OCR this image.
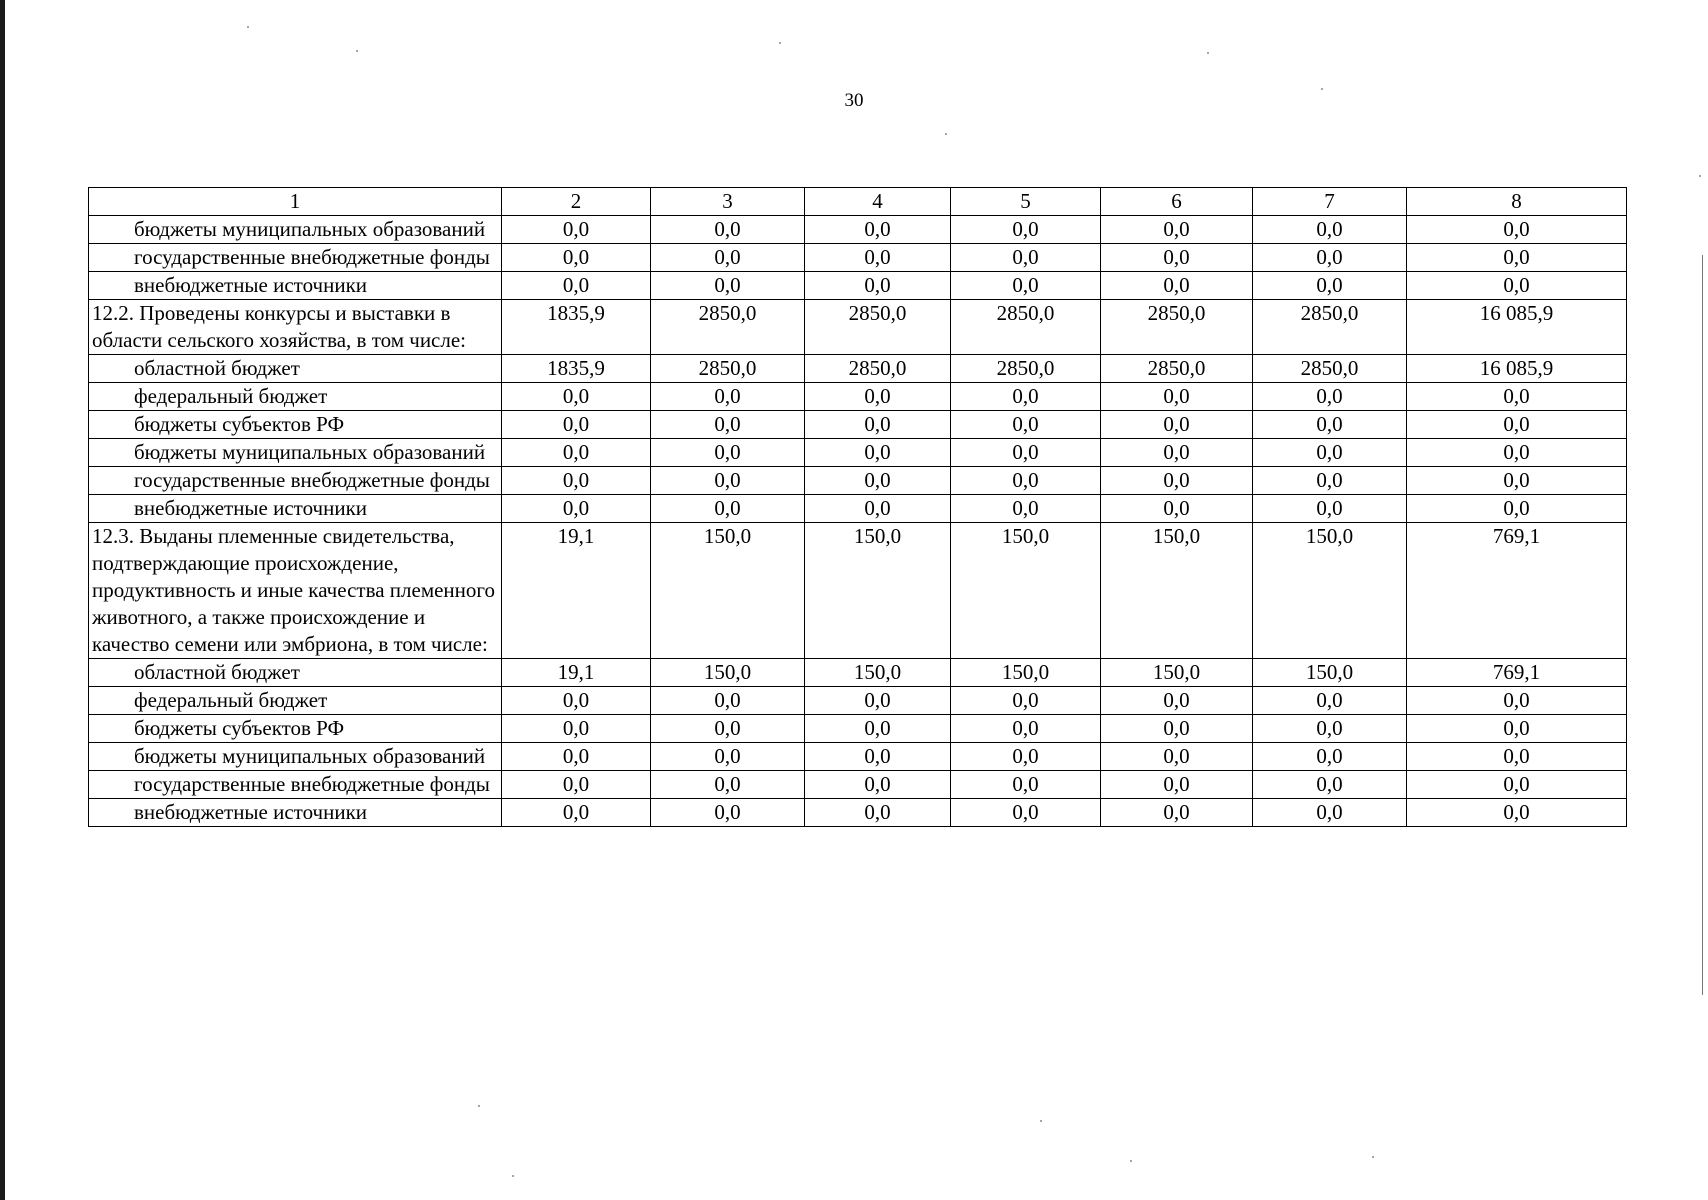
30
1	2	3	4	5	6	7	8
бюджеты муниципальных образований	0,0	0,0	0,0	0,0	0,0	0,0	0,0
государственные внебюджетные фонды	0,0	0,0	0,0	0,0	0,0	0,0	0,0
внебюджетные источники	0,0	0,0	0,0	0,0	0,0	0,0	0,0
12.2. Проведены конкурсы и выставки в области сельского хозяйства, в том числе:	1835,9	2850,0	2850,0	2850,0	2850,0	2850,0	16 085,9
областной бюджет	1835,9	2850,0	2850,0	2850,0	2850,0	2850,0	16 085,9
федеральный бюджет	0,0	0,0	0,0	0,0	0,0	0,0	0,0
бюджеты субъектов РФ	0,0	0,0	0,0	0,0	0,0	0,0	0,0
бюджеты муниципальных образований	0,0	0,0	0,0	0,0	0,0	0,0	0,0
государственные внебюджетные фонды	0,0	0,0	0,0	0,0	0,0	0,0	0,0
внебюджетные источники	0,0	0,0	0,0	0,0	0,0	0,0	0,0
12.3. Выданы племенные свидетельства, подтверждающие происхождение, продуктивность и иные качества племенного животного, а также происхождение и качество семени или эмбриона, в том числе:	19,1	150,0	150,0	150,0	150,0	150,0	769,1
областной бюджет	19,1	150,0	150,0	150,0	150,0	150,0	769,1
федеральный бюджет	0,0	0,0	0,0	0,0	0,0	0,0	0,0
бюджеты субъектов РФ	0,0	0,0	0,0	0,0	0,0	0,0	0,0
бюджеты муниципальных образований	0,0	0,0	0,0	0,0	0,0	0,0	0,0
государственные внебюджетные фонды	0,0	0,0	0,0	0,0	0,0	0,0	0,0
внебюджетные источники	0,0	0,0	0,0	0,0	0,0	0,0	0,0
